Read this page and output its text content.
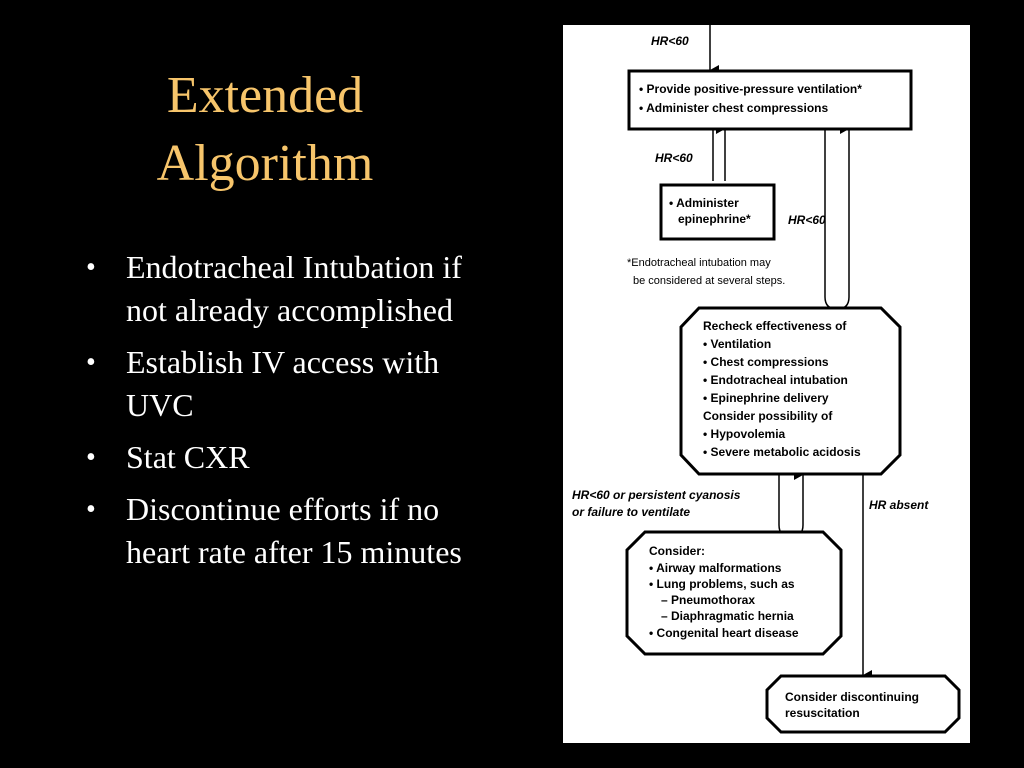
Extended
Algorithm
• Endotracheal Intubation if not already accomplished
• Establish IV access with UVC
• Stat CXR
• Discontinue efforts if no heart rate after 15 minutes
HR<60
HR<60
HR<60
HR<60 or persistent cyanosis
or failure to ventilate	HR absent
• Provide positive-pressure ventilation*
• Administer chest compressions
• Administer
epinephrine*
*Endotracheal intubation may
be considered at several steps.
Recheck effectiveness of
• Ventilation
• Chest compressions
• Endotracheal intubation
• Epinephrine delivery
Consider possibility of
• Hypovolemia
• Severe metabolic acidosis
Consider:
• Airway malformations
• Lung problems, such as
– Pneumothorax
– Diaphragmatic hernia
• Congenital heart disease
Consider discontinuing
resuscitation
